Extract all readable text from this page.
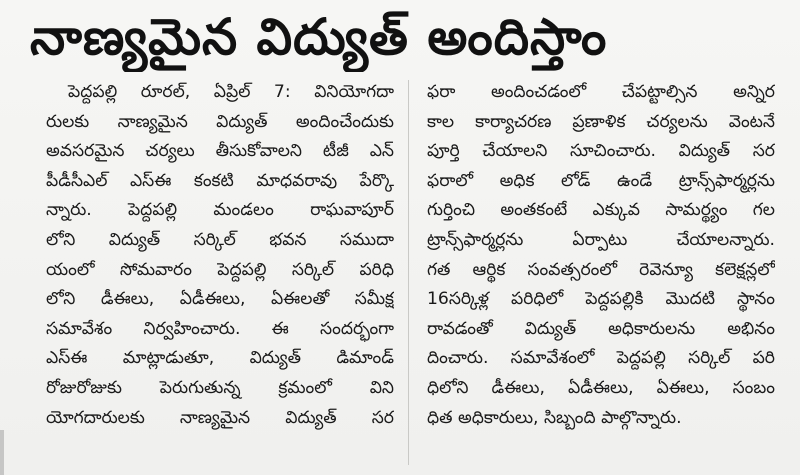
నాణ్యమైన విద్యుత్‌ అందిస్తాం
పెద్దపల్లి రూరల్‌, ఏప్రిల్‌ 7: వినియోగదా
రులకు నాణ్యమైన విద్యుత్‌ అందించేందుకు
అవసరమైన చర్యలు తీసుకోవాలని టీజీ ఎన్‌
పీడీసీఎల్‌ ఎస్‌ఈ కంకటి మాధవరావు పేర్కొ
న్నారు. పెద్దపల్లి మండలం రాఘవాపూర్‌
లోని విద్యుత్‌ సర్కిల్‌ భవన సముదా
యంలో సోమవారం పెద్దపల్లి సర్కిల్‌ పరిధి
లోని డీఈలు, ఏడీఈలు, ఏఈలతో సమీక్ష
సమావేశం నిర్వహించారు. ఈ సందర్భంగా
ఎస్‌ఈ మాట్లాడుతూ, విద్యుత్‌ డిమాండ్‌
రోజురోజుకు పెరుగుతున్న క్రమంలో విని
యోగదారులకు నాణ్యమైన విద్యుత్‌ సర
ఫరా అందించడంలో చేపట్టాల్సిన అన్నిర
కాల కార్యాచరణ ప్రణాళిక చర్యలను వెంటనే
పూర్తి చేయాలని సూచించారు. విద్యుత్‌ సర
ఫరాలో అధిక లోడ్‌ ఉండే ట్రాన్స్‌ఫార్మర్లను
గుర్తించి అంతకంటే ఎక్కువ సామర్థ్యం గల
ట్రాన్స్‌ఫార్మర్లను ఏర్పాటు చేయాలన్నారు.
గత ఆర్థిక సంవత్సరంలో రెవెన్యూ కలెక్షన్లలో
16సర్కిళ్ల పరిధిలో పెద్దపల్లికి మొదటి స్థానం
రావడంతో విద్యుత్‌ అధికారులను అభినం
దించారు. సమావేశంలో పెద్దపల్లి సర్కిల్‌ పరి
ధిలోని డీఈలు, ఏడీఈలు, ఏఈలు, సంబం
ధిత అధికారులు, సిబ్బంది పాల్గొన్నారు.
